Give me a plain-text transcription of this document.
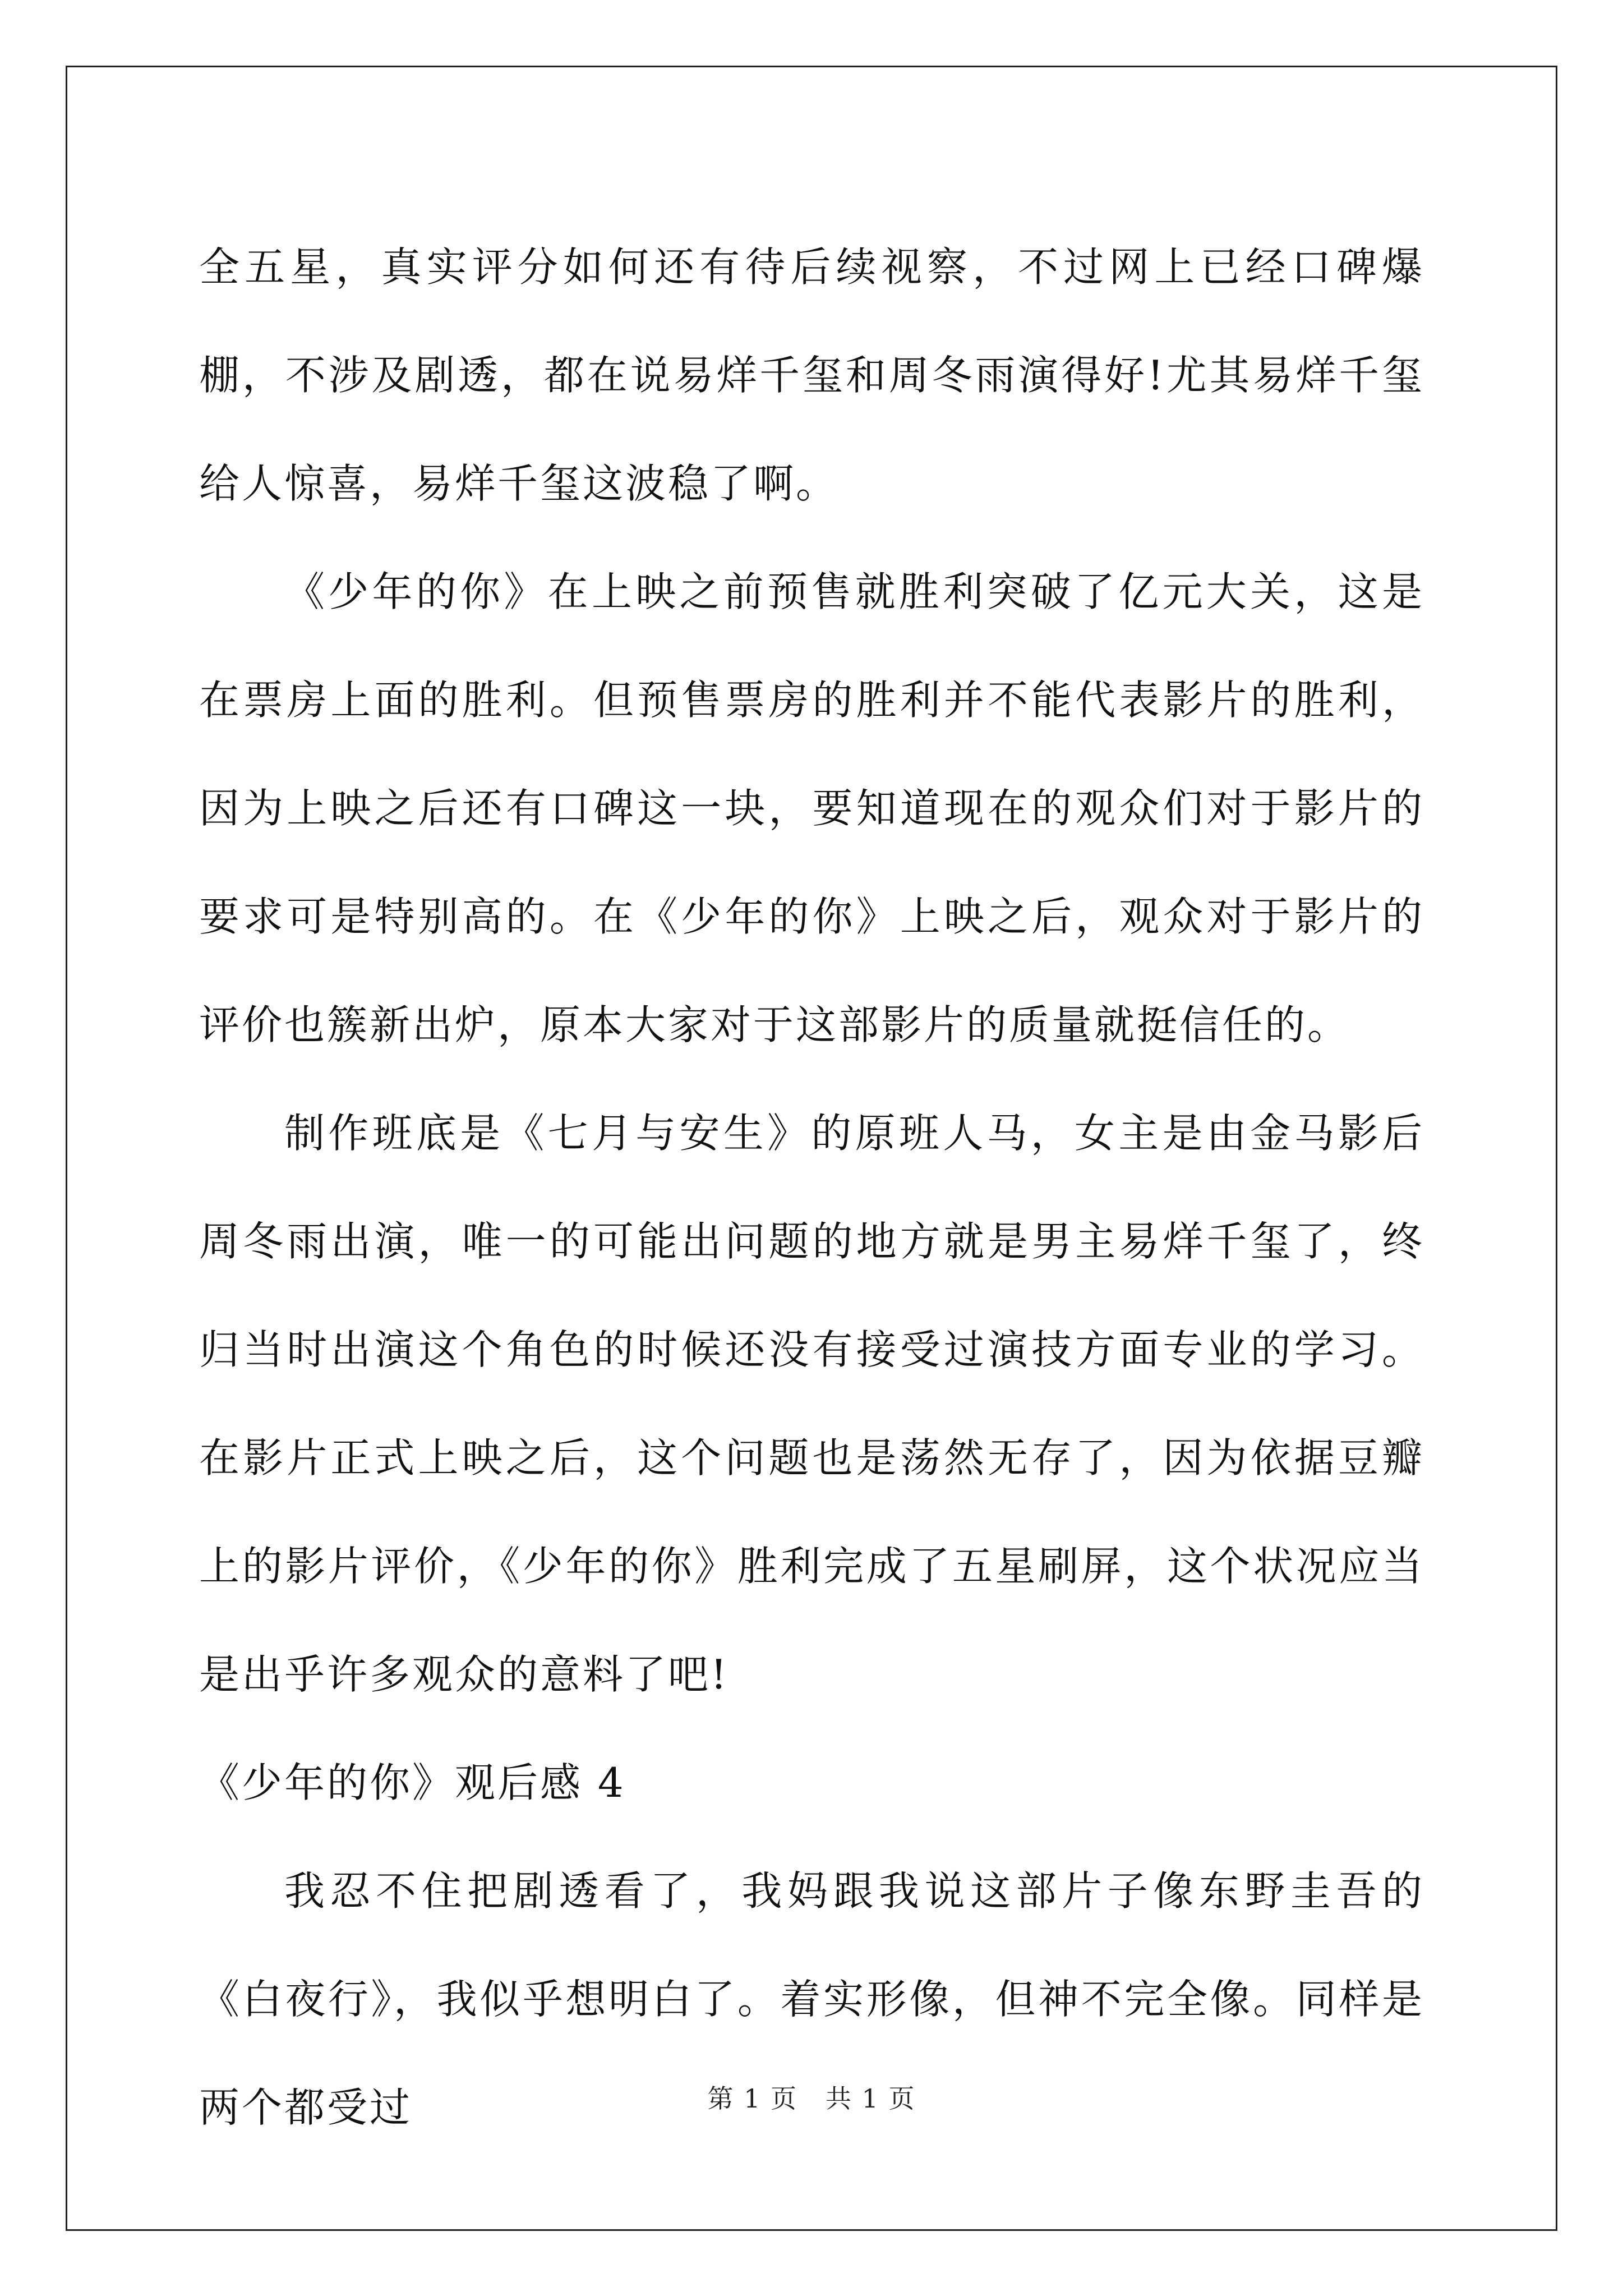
全五星，真实评分如何还有待后续视察，不过网上已经口碑爆棚，不涉及剧透，都在说易烊千玺和周冬雨演得好!尤其易烊千玺给人惊喜，易烊千玺这波稳了啊。

《少年的你》在上映之前预售就胜利突破了亿元大关，这是在票房上面的胜利。但预售票房的胜利并不能代表影片的胜利，因为上映之后还有口碑这一块，要知道现在的观众们对于影片的要求可是特别高的。在《少年的你》上映之后，观众对于影片的评价也簇新出炉，原本大家对于这部影片的质量就挺信任的。

制作班底是《七月与安生》的原班人马，女主是由金马影后周冬雨出演，唯一的可能出问题的地方就是男主易烊千玺了，终归当时出演这个角色的时候还没有接受过演技方面专业的学习。在影片正式上映之后，这个问题也是荡然无存了，因为依据豆瓣上的影片评价，《少年的你》胜利完成了五星刷屏，这个状况应当是出乎许多观众的意料了吧!

《少年的你》观后感 4

我忍不住把剧透看了，我妈跟我说这部片子像东野圭吾的《白夜行》，我似乎想明白了。着实形像，但神不完全像。同样是两个都受过	第 1 页 共 1 页
